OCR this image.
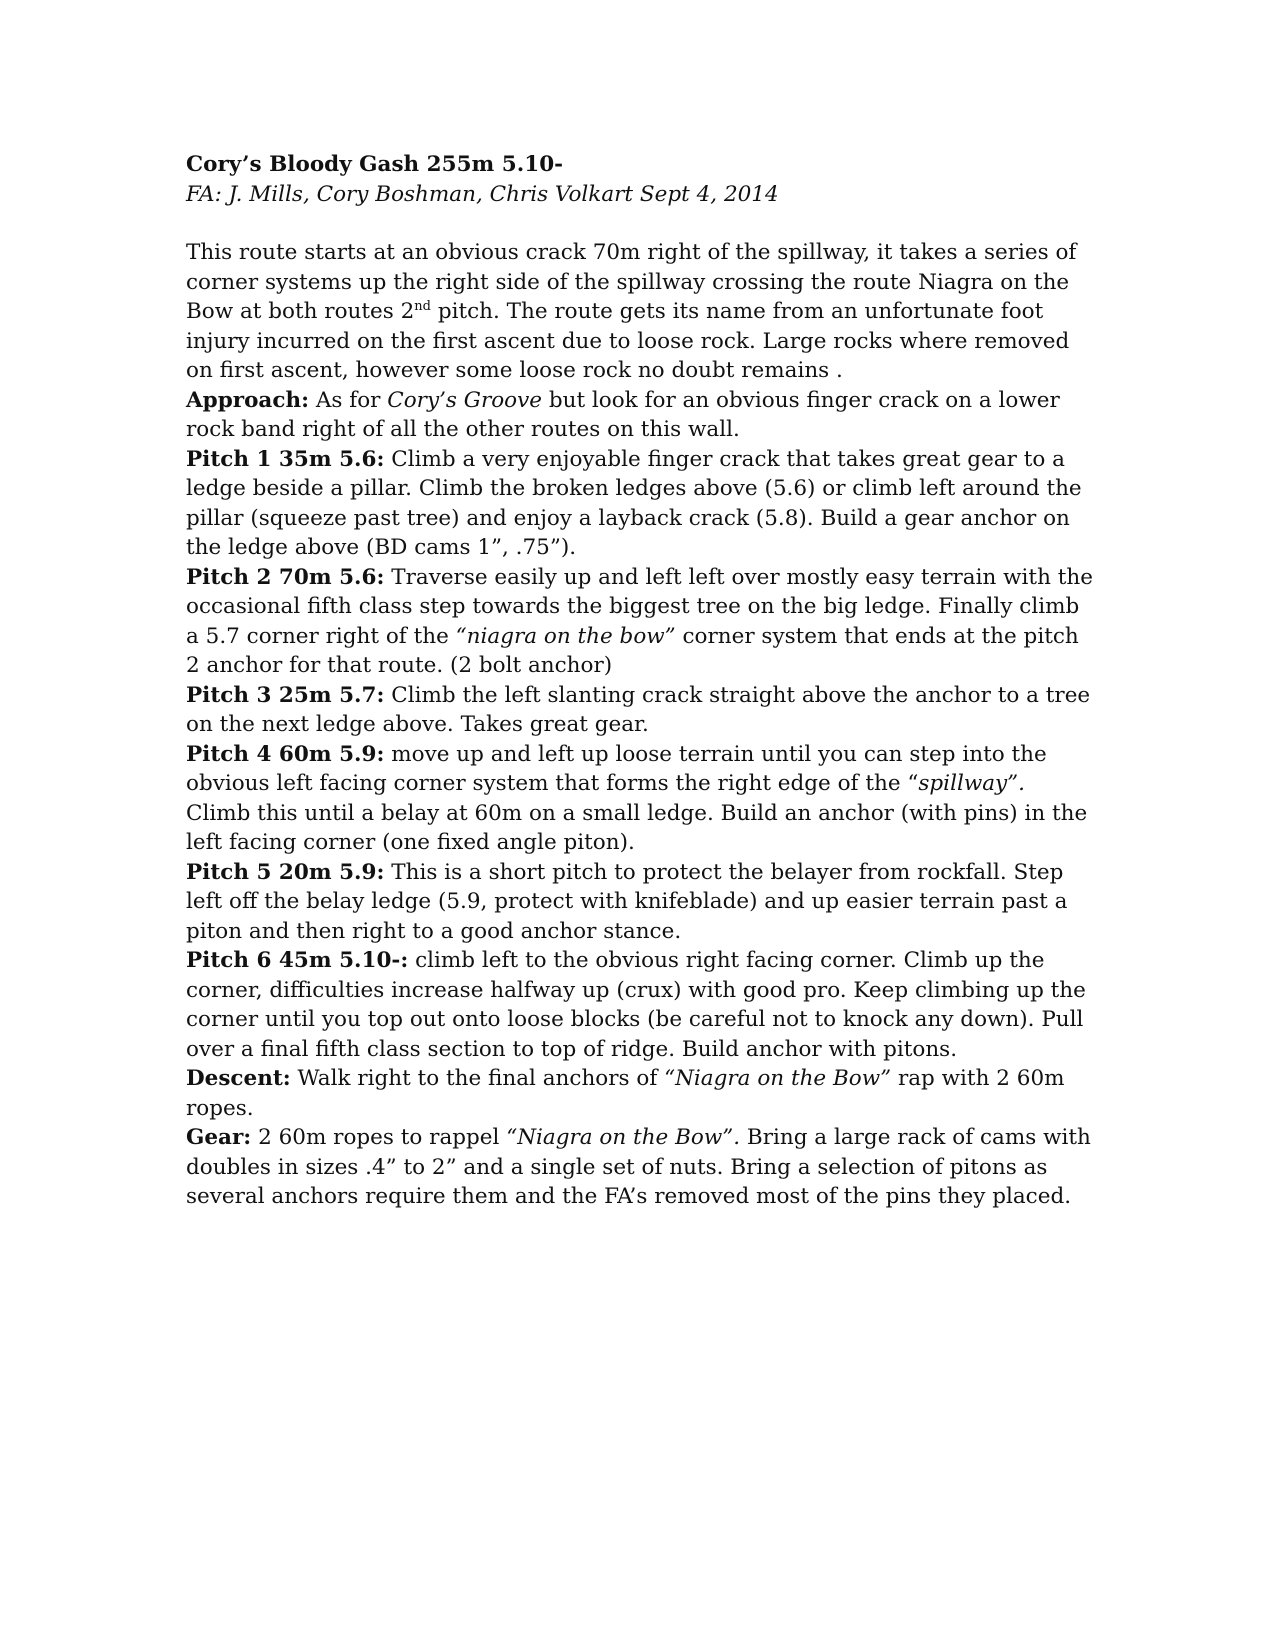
Cory’s Bloody Gash 255m 5.10-

FA: J. Mills, Cory Boshman, Chris Volkart Sept 4, 2014

This route starts at an obvious crack 70m right of the spillway, it takes a series of corner systems up the right side of the spillway crossing the route Niagra on the Bow at both routes 2nd pitch. The route gets its name from an unfortunate foot injury incurred on the first ascent due to loose rock. Large rocks where removed on first ascent, however some loose rock no doubt remains .

Approach: As for Cory’s Groove but look for an obvious finger crack on a lower rock band right of all the other routes on this wall.

Pitch 1 35m 5.6: Climb a very enjoyable finger crack that takes great gear to a ledge beside a pillar. Climb the broken ledges above (5.6) or climb left around the pillar (squeeze past tree) and enjoy a layback crack (5.8). Build a gear anchor on the ledge above (BD cams 1”, .75”).

Pitch 2 70m 5.6: Traverse easily up and left left over mostly easy terrain with the occasional fifth class step towards the biggest tree on the big ledge. Finally climb a 5.7 corner right of the “niagra on the bow” corner system that ends at the pitch 2 anchor for that route. (2 bolt anchor)

Pitch 3 25m 5.7: Climb the left slanting crack straight above the anchor to a tree on the next ledge above. Takes great gear.

Pitch 4 60m 5.9: move up and left up loose terrain until you can step into the obvious left facing corner system that forms the right edge of the “spillway”. Climb this until a belay at 60m on a small ledge. Build an anchor (with pins) in the left facing corner (one fixed angle piton).

Pitch 5 20m 5.9: This is a short pitch to protect the belayer from rockfall. Step left off the belay ledge (5.9, protect with knifeblade) and up easier terrain past a piton and then right to a good anchor stance.

Pitch 6 45m 5.10-: climb left to the obvious right facing corner. Climb up the corner, difficulties increase halfway up (crux) with good pro. Keep climbing up the corner until you top out onto loose blocks (be careful not to knock any down). Pull over a final fifth class section to top of ridge. Build anchor with pitons.

Descent: Walk right to the final anchors of “Niagra on the Bow” rap with 2 60m ropes.

Gear: 2 60m ropes to rappel “Niagra on the Bow”. Bring a large rack of cams with doubles in sizes .4” to 2” and a single set of nuts. Bring a selection of pitons as several anchors require them and the FA’s removed most of the pins they placed.
